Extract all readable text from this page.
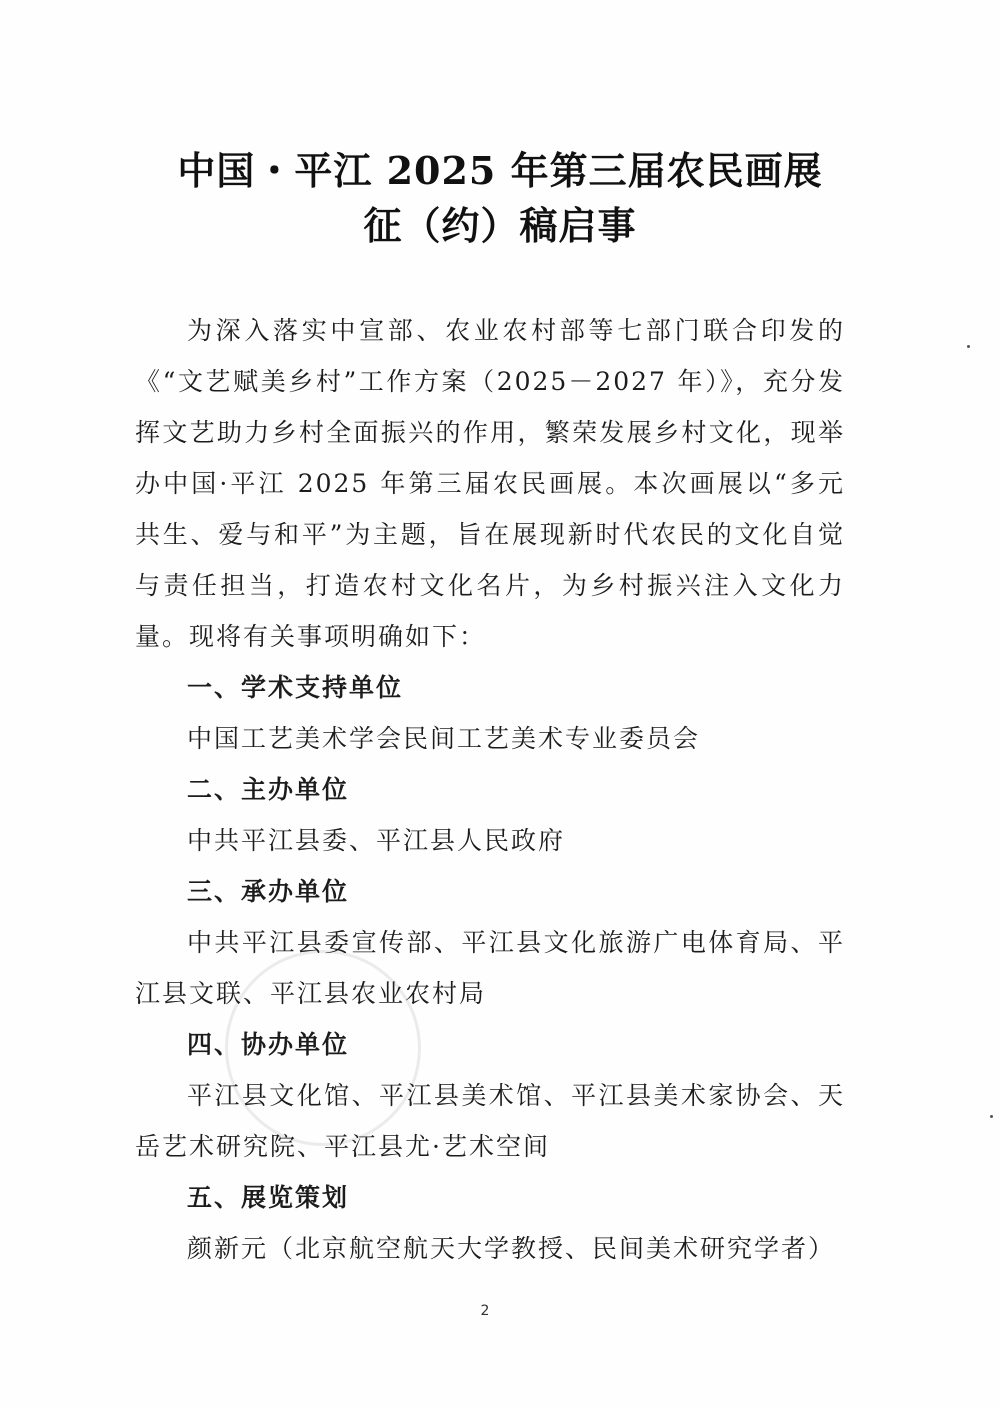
中国・平江 2025 年第三届农民画展
征（约）稿启事

为深入落实中宣部、农业农村部等七部门联合印发的《“文艺赋美乡村”工作方案（2025－2027 年）》，充分发挥文艺助力乡村全面振兴的作用，繁荣发展乡村文化，现举办中国·平江 2025 年第三届农民画展。本次画展以“多元共生、爱与和平”为主题，旨在展现新时代农民的文化自觉与责任担当，打造农村文化名片，为乡村振兴注入文化力量。现将有关事项明确如下：

一、学术支持单位

中国工艺美术学会民间工艺美术专业委员会

二、主办单位

中共平江县委、平江县人民政府

三、承办单位

中共平江县委宣传部、平江县文化旅游广电体育局、平江县文联、平江县农业农村局

四、协办单位

平江县文化馆、平江县美术馆、平江县美术家协会、天岳艺术研究院、平江县尤·艺术空间

五、展览策划

颜新元（北京航空航天大学教授、民间美术研究学者）

2
